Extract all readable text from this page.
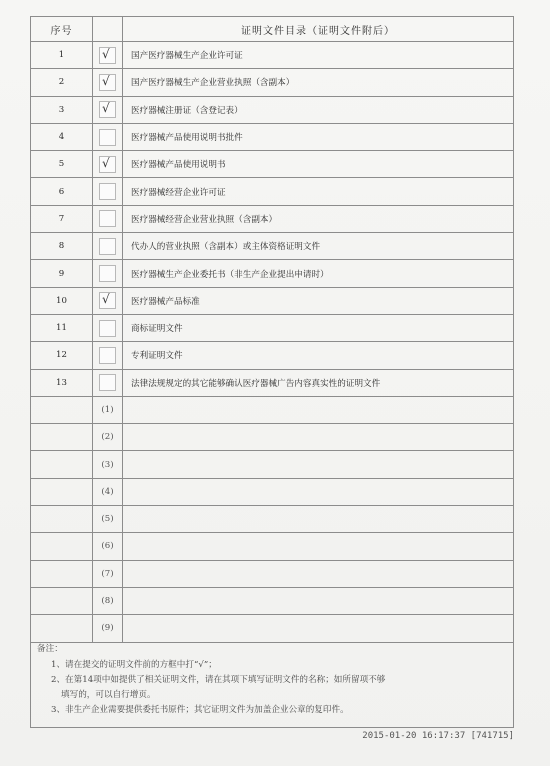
序号		证明文件目录（证明文件附后）
1	√	国产医疗器械生产企业许可证
2	√	国产医疗器械生产企业营业执照（含副本）
3	√	医疗器械注册证（含登记表）
4		医疗器械产品使用说明书批件
5	√	医疗器械产品使用说明书
6		医疗器械经营企业许可证
7		医疗器械经营企业营业执照（含副本）
8		代办人的营业执照（含副本）或主体资格证明文件
9		医疗器械生产企业委托书（非生产企业提出申请时）
10	√	医疗器械产品标准
11		商标证明文件
12		专利证明文件
13		法律法规规定的其它能够确认医疗器械广告内容真实性的证明文件
	(1)	
	(2)	
	(3)	
	(4)	
	(5)	
	(6)	
	(7)	
	(8)	
	(9)	
备注：
1、请在提交的证明文件前的方框中打“√”；
2、在第14项中如提供了相关证明文件，请在其项下填写证明文件的名称；如所留项不够
填写的，可以自行增页。
3、非生产企业需要提供委托书原件；其它证明文件为加盖企业公章的复印件。
2015-01-20 16:17:37 [741715]
